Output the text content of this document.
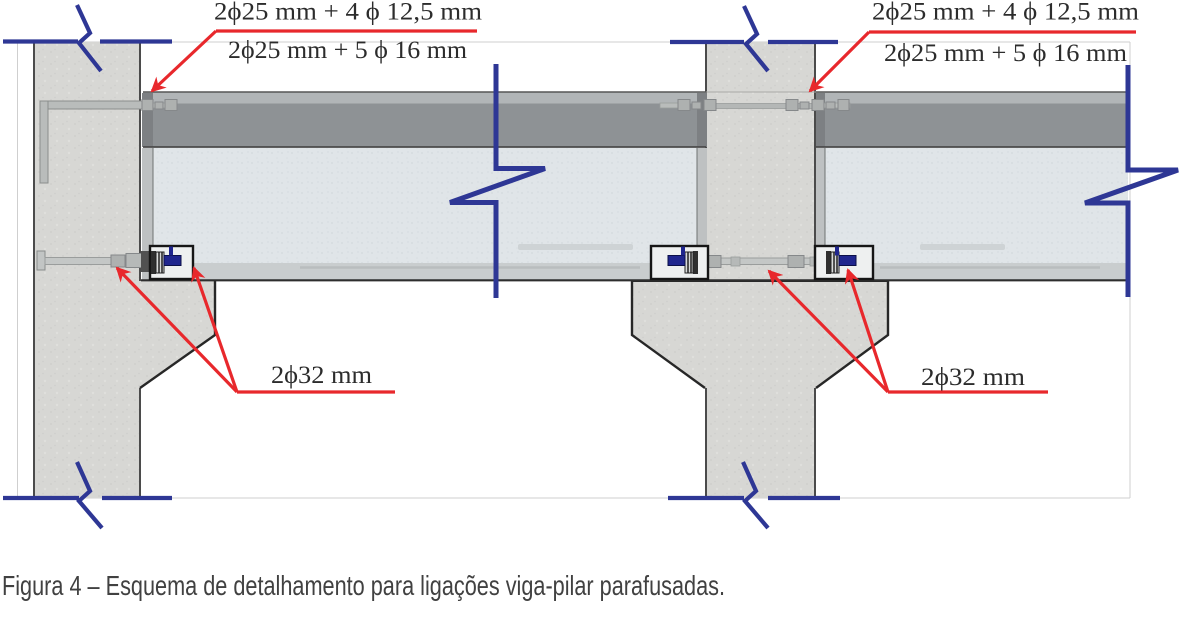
2ϕ25 mm + 4 ϕ 12,5 mm
2ϕ25 mm + 5 ϕ 16 mm
2ϕ25 mm + 4 ϕ 12,5 mm
2ϕ25 mm + 5 ϕ 16 mm
2ϕ32 mm	2ϕ32 mm
Figura 4 – Esquema de detalhamento para ligações viga-pilar parafusadas.
